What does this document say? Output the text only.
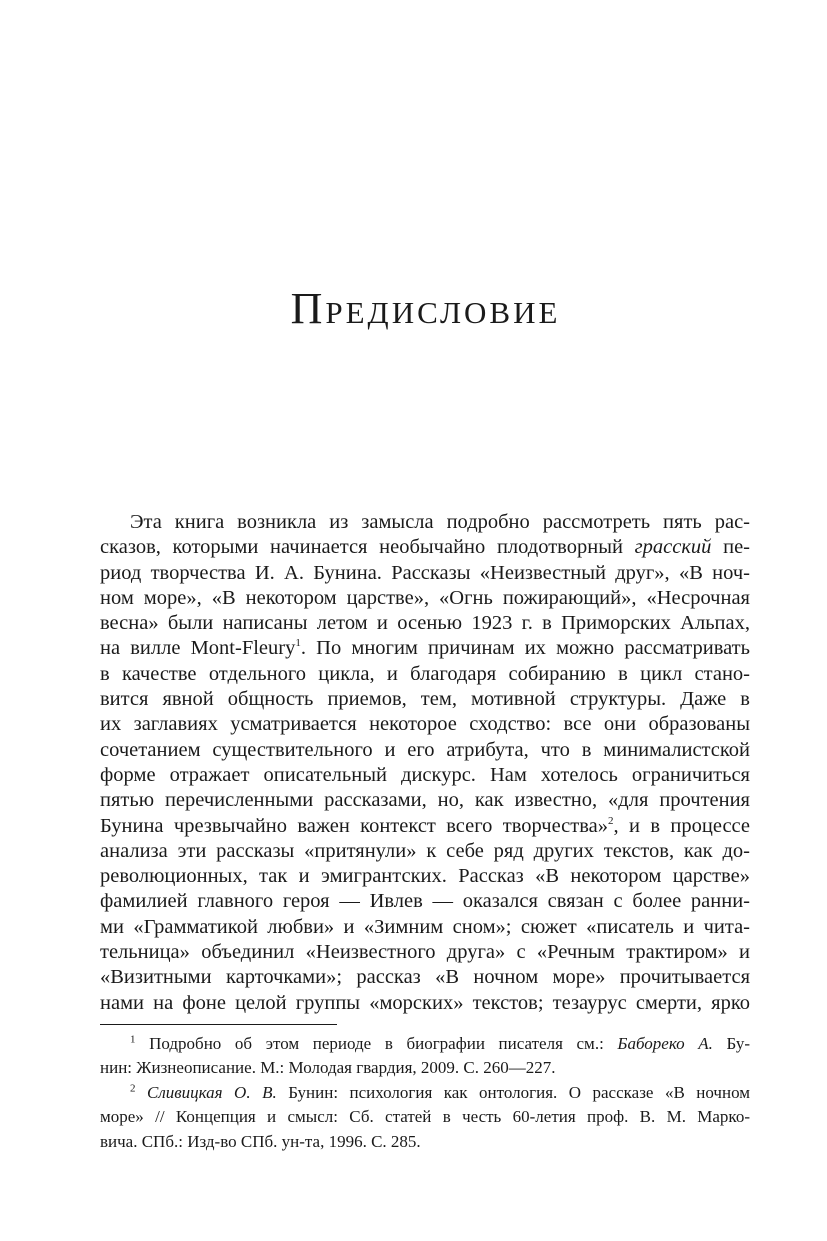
Предисловие
Эта книга возникла из замысла подробно рассмотреть пять рас-
сказов, которыми начинается необычайно плодотворный грасский пе-
риод творчества И. А. Бунина. Рассказы «Неизвестный друг», «В ноч-
ном море», «В некотором царстве», «Огнь пожирающий», «Несрочная
весна» были написаны летом и осенью 1923 г. в Приморских Альпах,
на вилле Mont-Fleury$^1$. По многим причинам их можно рассматривать
в качестве отдельного цикла, и благодаря собиранию в цикл стано-
вится явной общность приемов, тем, мотивной структуры. Даже в
их заглавиях усматривается некоторое сходство: все они образованы
сочетанием существительного и его атрибута, что в минималистской
форме отражает описательный дискурс. Нам хотелось ограничиться
пятью перечисленными рассказами, но, как известно, «для прочтения
Бунина чрезвычайно важен контекст всего творчества»$^2$, и в процессе
анализа эти рассказы «притянули» к себе ряд других текстов, как до-
революционных, так и эмигрантских. Рассказ «В некотором царстве»
фамилией главного героя — Ивлев — оказался связан с более ранни-
ми «Грамматикой любви» и «Зимним сном»; сюжет «писатель и чита-
тельница» объединил «Неизвестного друга» с «Речным трактиром» и
«Визитными карточками»; рассказ «В ночном море» прочитывается
нами на фоне целой группы «морских» текстов; тезаурус смерти, ярко
$^1$ Подробно об этом периоде в биографии писателя см.: Бабореко А. Бу-
нин: Жизнеописание. М.: Молодая гвардия, 2009. С. 260—227.
$^2$ Сливицкая О. В. Бунин: психология как онтология. О рассказе «В ночном
море» // Концепция и смысл: Сб. статей в честь 60-летия проф. В. М. Марко-
вича. СПб.: Изд-во СПб. ун-та, 1996. С. 285.
